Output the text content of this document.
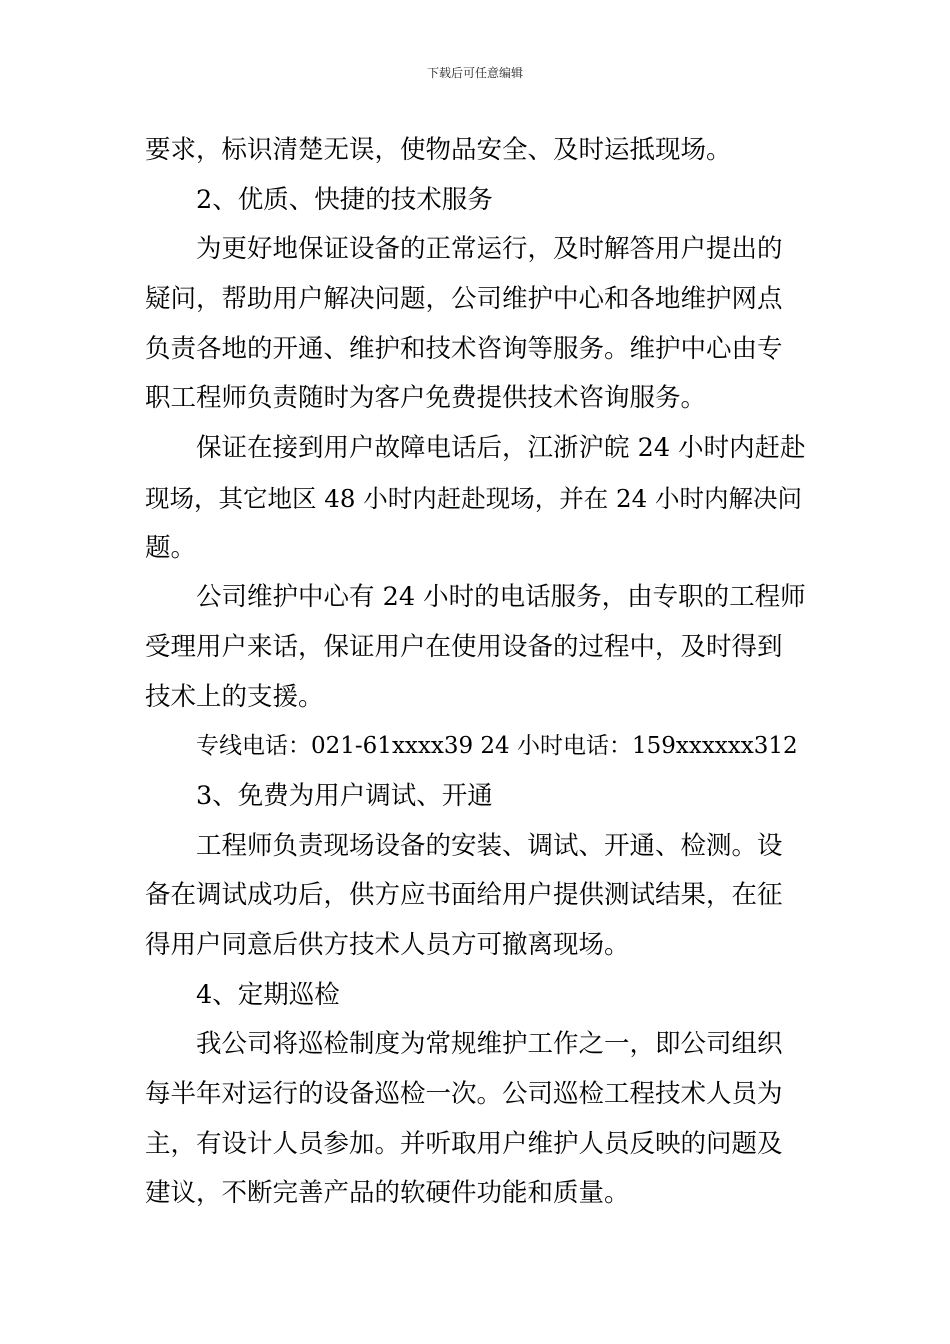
下载后可任意编辑
要求，标识清楚无误，使物品安全、及时运抵现场。
2、优质、快捷的技术服务
为更好地保证设备的正常运行，及时解答用户提出的
疑问，帮助用户解决问题，公司维护中心和各地维护网点
负责各地的开通、维护和技术咨询等服务。维护中心由专
职工程师负责随时为客户免费提供技术咨询服务。
保证在接到用户故障电话后，江浙沪皖 24 小时内赶赴
现场，其它地区 48 小时内赶赴现场，并在 24 小时内解决问
题。
公司维护中心有 24 小时的电话服务，由专职的工程师
受理用户来话，保证用户在使用设备的过程中，及时得到
技术上的支援。
专线电话：021-61xxxx39 24 小时电话：159xxxxxx312
3、免费为用户调试、开通
工程师负责现场设备的安装、调试、开通、检测。设
备在调试成功后，供方应书面给用户提供测试结果，在征
得用户同意后供方技术人员方可撤离现场。
4、定期巡检
我公司将巡检制度为常规维护工作之一，即公司组织
每半年对运行的设备巡检一次。公司巡检工程技术人员为
主，有设计人员参加。并听取用户维护人员反映的问题及
建议，不断完善产品的软硬件功能和质量。
